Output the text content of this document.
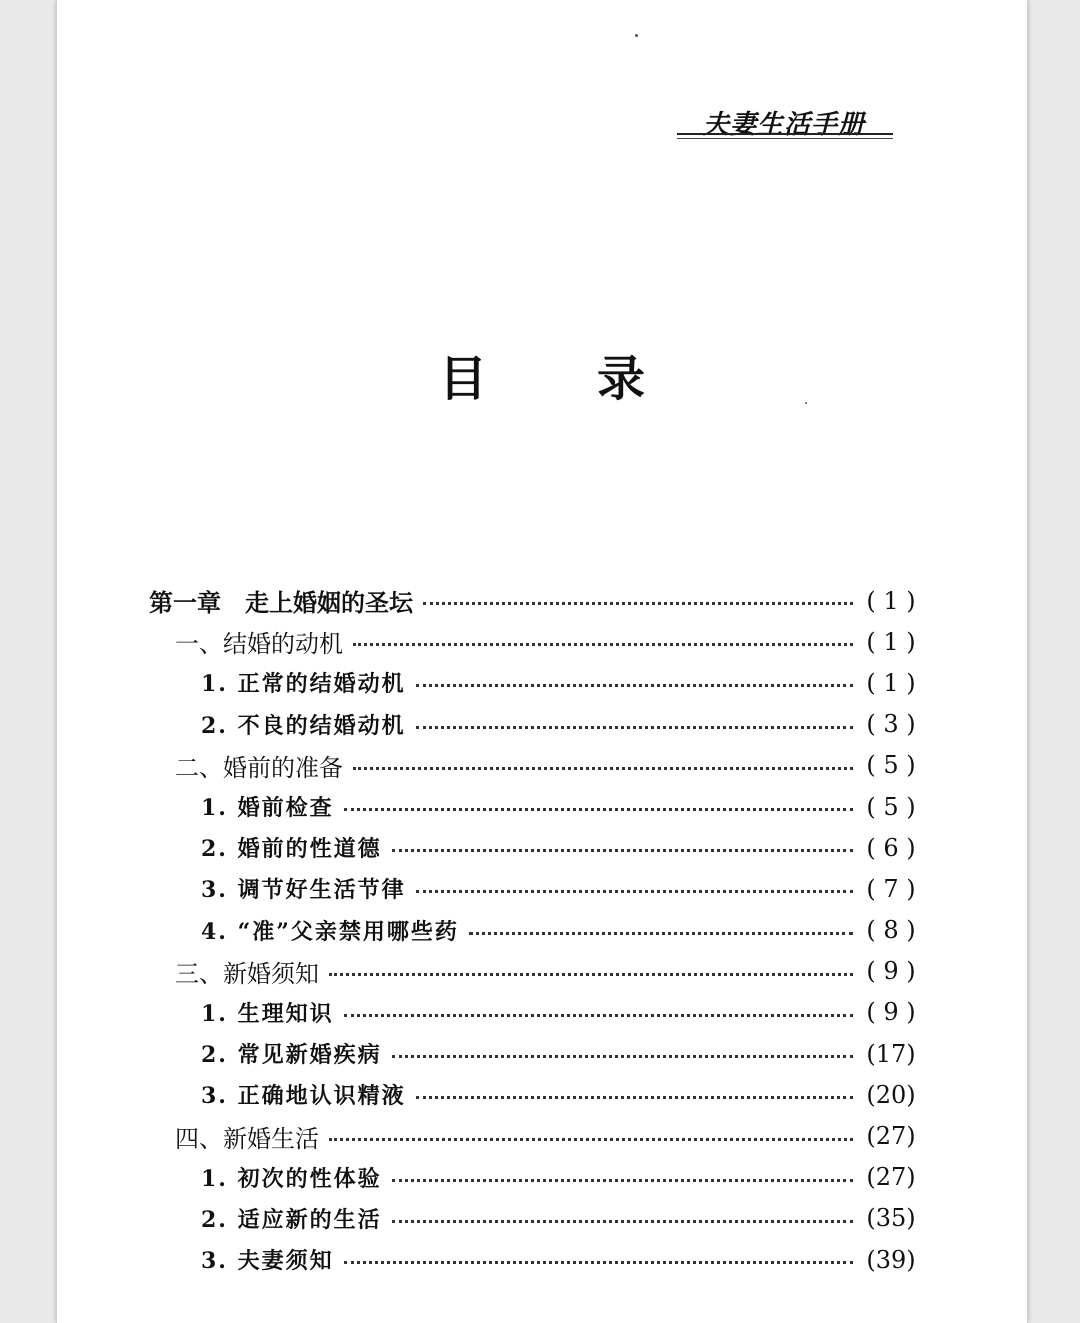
夫妻生活手册
目 录
第一章　走上婚姻的圣坛	( 1 )
一、结婚的动机	( 1 )
1. 正常的结婚动机	( 1 )
2. 不良的结婚动机	( 3 )
二、婚前的准备	( 5 )
1. 婚前检查	( 5 )
2. 婚前的性道德	( 6 )
3. 调节好生活节律	( 7 )
4. “准”父亲禁用哪些药	( 8 )
三、新婚须知	( 9 )
1. 生理知识	( 9 )
2. 常见新婚疾病	(17)
3. 正确地认识精液	(20)
四、新婚生活	(27)
1. 初次的性体验	(27)
2. 适应新的生活	(35)
3. 夫妻须知	(39)
